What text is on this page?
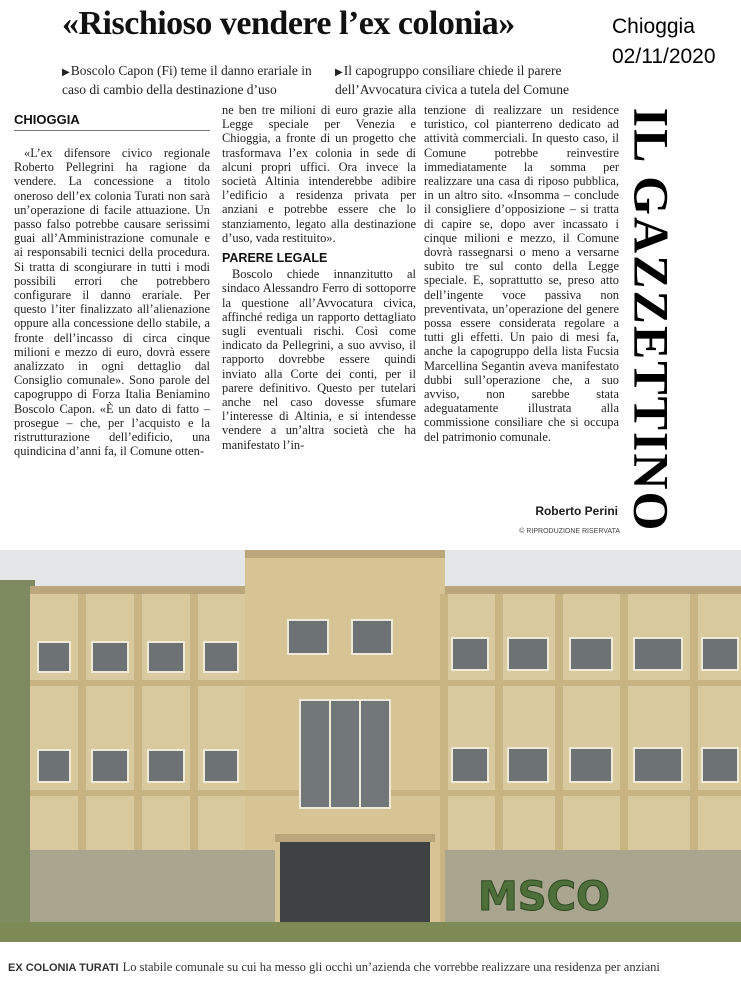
«Rischioso vendere l’ex colonia»	Chioggia
02/11/2020
▶Boscolo Capon (Fi) teme il danno erariale in caso di cambio della destinazione d’uso
▶Il capogruppo consiliare chiede il parere dell’Avvocatura civica a tutela del Comune
IL GAZZETTINO
CHIOGGIA

«L’ex difensore civico regionale Roberto Pellegrini ha ragione da vendere. La concessione a titolo oneroso dell’ex colonia Turati non sarà un’operazione di facile attuazione. Un passo falso potrebbe causare serissimi guai all’Amministrazione comunale e ai responsabili tecnici della procedura. Si tratta di scongiurare in tutti i modi possibili errori che potrebbero configurare il danno erariale. Per questo l’iter finalizzato all’alienazione oppure alla concessione dello stabile, a fronte dell’incasso di circa cinque milioni e mezzo di euro, dovrà essere analizzato in ogni dettaglio dal Consiglio comunale». Sono parole del capogruppo di Forza Italia Beniamino Boscolo Capon. «È un dato di fatto – prosegue – che, per l’acquisto e la ristrutturazione dell’edificio, una quindicina d’anni fa, il Comune otten-

ne ben tre milioni di euro grazie alla Legge speciale per Venezia e Chioggia, a fronte di un progetto che trasformava l’ex colonia in sede di alcuni propri uffici. Ora invece la società Altinia intenderebbe adibire l’edificio a residenza privata per anziani e potrebbe essere che lo stanziamento, legato alla destinazione d’uso, vada restituito».

PARERE LEGALE

Boscolo chiede innanzitutto al sindaco Alessandro Ferro di sottoporre la questione all’Avvocatura civica, affinché rediga un rapporto dettagliato sugli eventuali rischi. Così come indicato da Pellegrini, a suo avviso, il rapporto dovrebbe essere quindi inviato alla Corte dei conti, per il parere definitivo. Questo per tutelari anche nel caso dovesse sfumare l’interesse di Altinia, e si intendesse vendere a un’altra società che ha manifestato l’in-

tenzione di realizzare un residence turistico, col pianterreno dedicato ad attività commerciali. In questo caso, il Comune potrebbe reinvestire immediatamente la somma per realizzare una casa di riposo pubblica, in un altro sito. «Insomma – conclude il consigliere d’opposizione – si tratta di capire se, dopo aver incassato i cinque milioni e mezzo, il Comune dovrà rassegnarsi o meno a versarne subito tre sul conto della Legge speciale. E, soprattutto se, preso atto dell’ingente voce passiva non preventivata, un’operazione del genere possa essere considerata regolare a tutti gli effetti. Un paio di mesi fa, anche la capogruppo della lista Fucsia Marcellina Segantin aveva manifestato dubbi sull’operazione che, a suo avviso, non sarebbe stata adeguatamente illustrata alla commissione consiliare che si occupa del patrimonio comunale.

Roberto Perini
© RIPRODUZIONE RISERVATA
MSCO
EX COLONIA TURATI Lo stabile comunale su cui ha messo gli occhi un’azienda che vorrebbe realizzare una residenza per anziani
